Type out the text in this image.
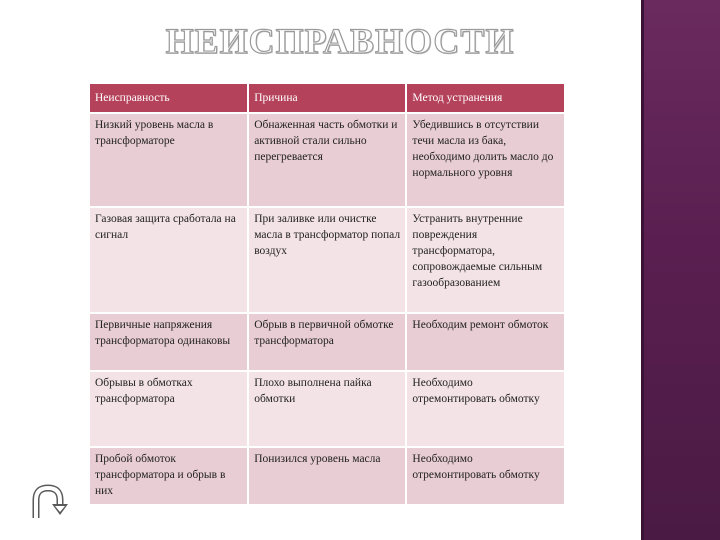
НЕИСПРАВНОСТИ
Неисправность	Причина	Метод устранения
Низкий уровень масла в трансформаторе	Обнаженная часть обмотки и активной стали сильно перегревается	Убедившись в отсутствии течи масла из бака, необходимо долить масло до нормального уровня
Газовая защита сработала на сигнал	При заливке или очистке масла в трансформатор попал воздух	Устранить внутренние повреждения трансформатора, сопровождаемые сильным газообразованием
Первичные напряжения трансформатора одинаковы	Обрыв в первичной обмотке трансформатора	Необходим ремонт обмоток
Обрывы в обмотках трансформатора	Плохо выполнена пайка обмотки	Необходимо отремонтировать обмотку
Пробой обмоток трансформатора и обрыв в них	Понизился уровень масла	Необходимо отремонтировать обмотку
